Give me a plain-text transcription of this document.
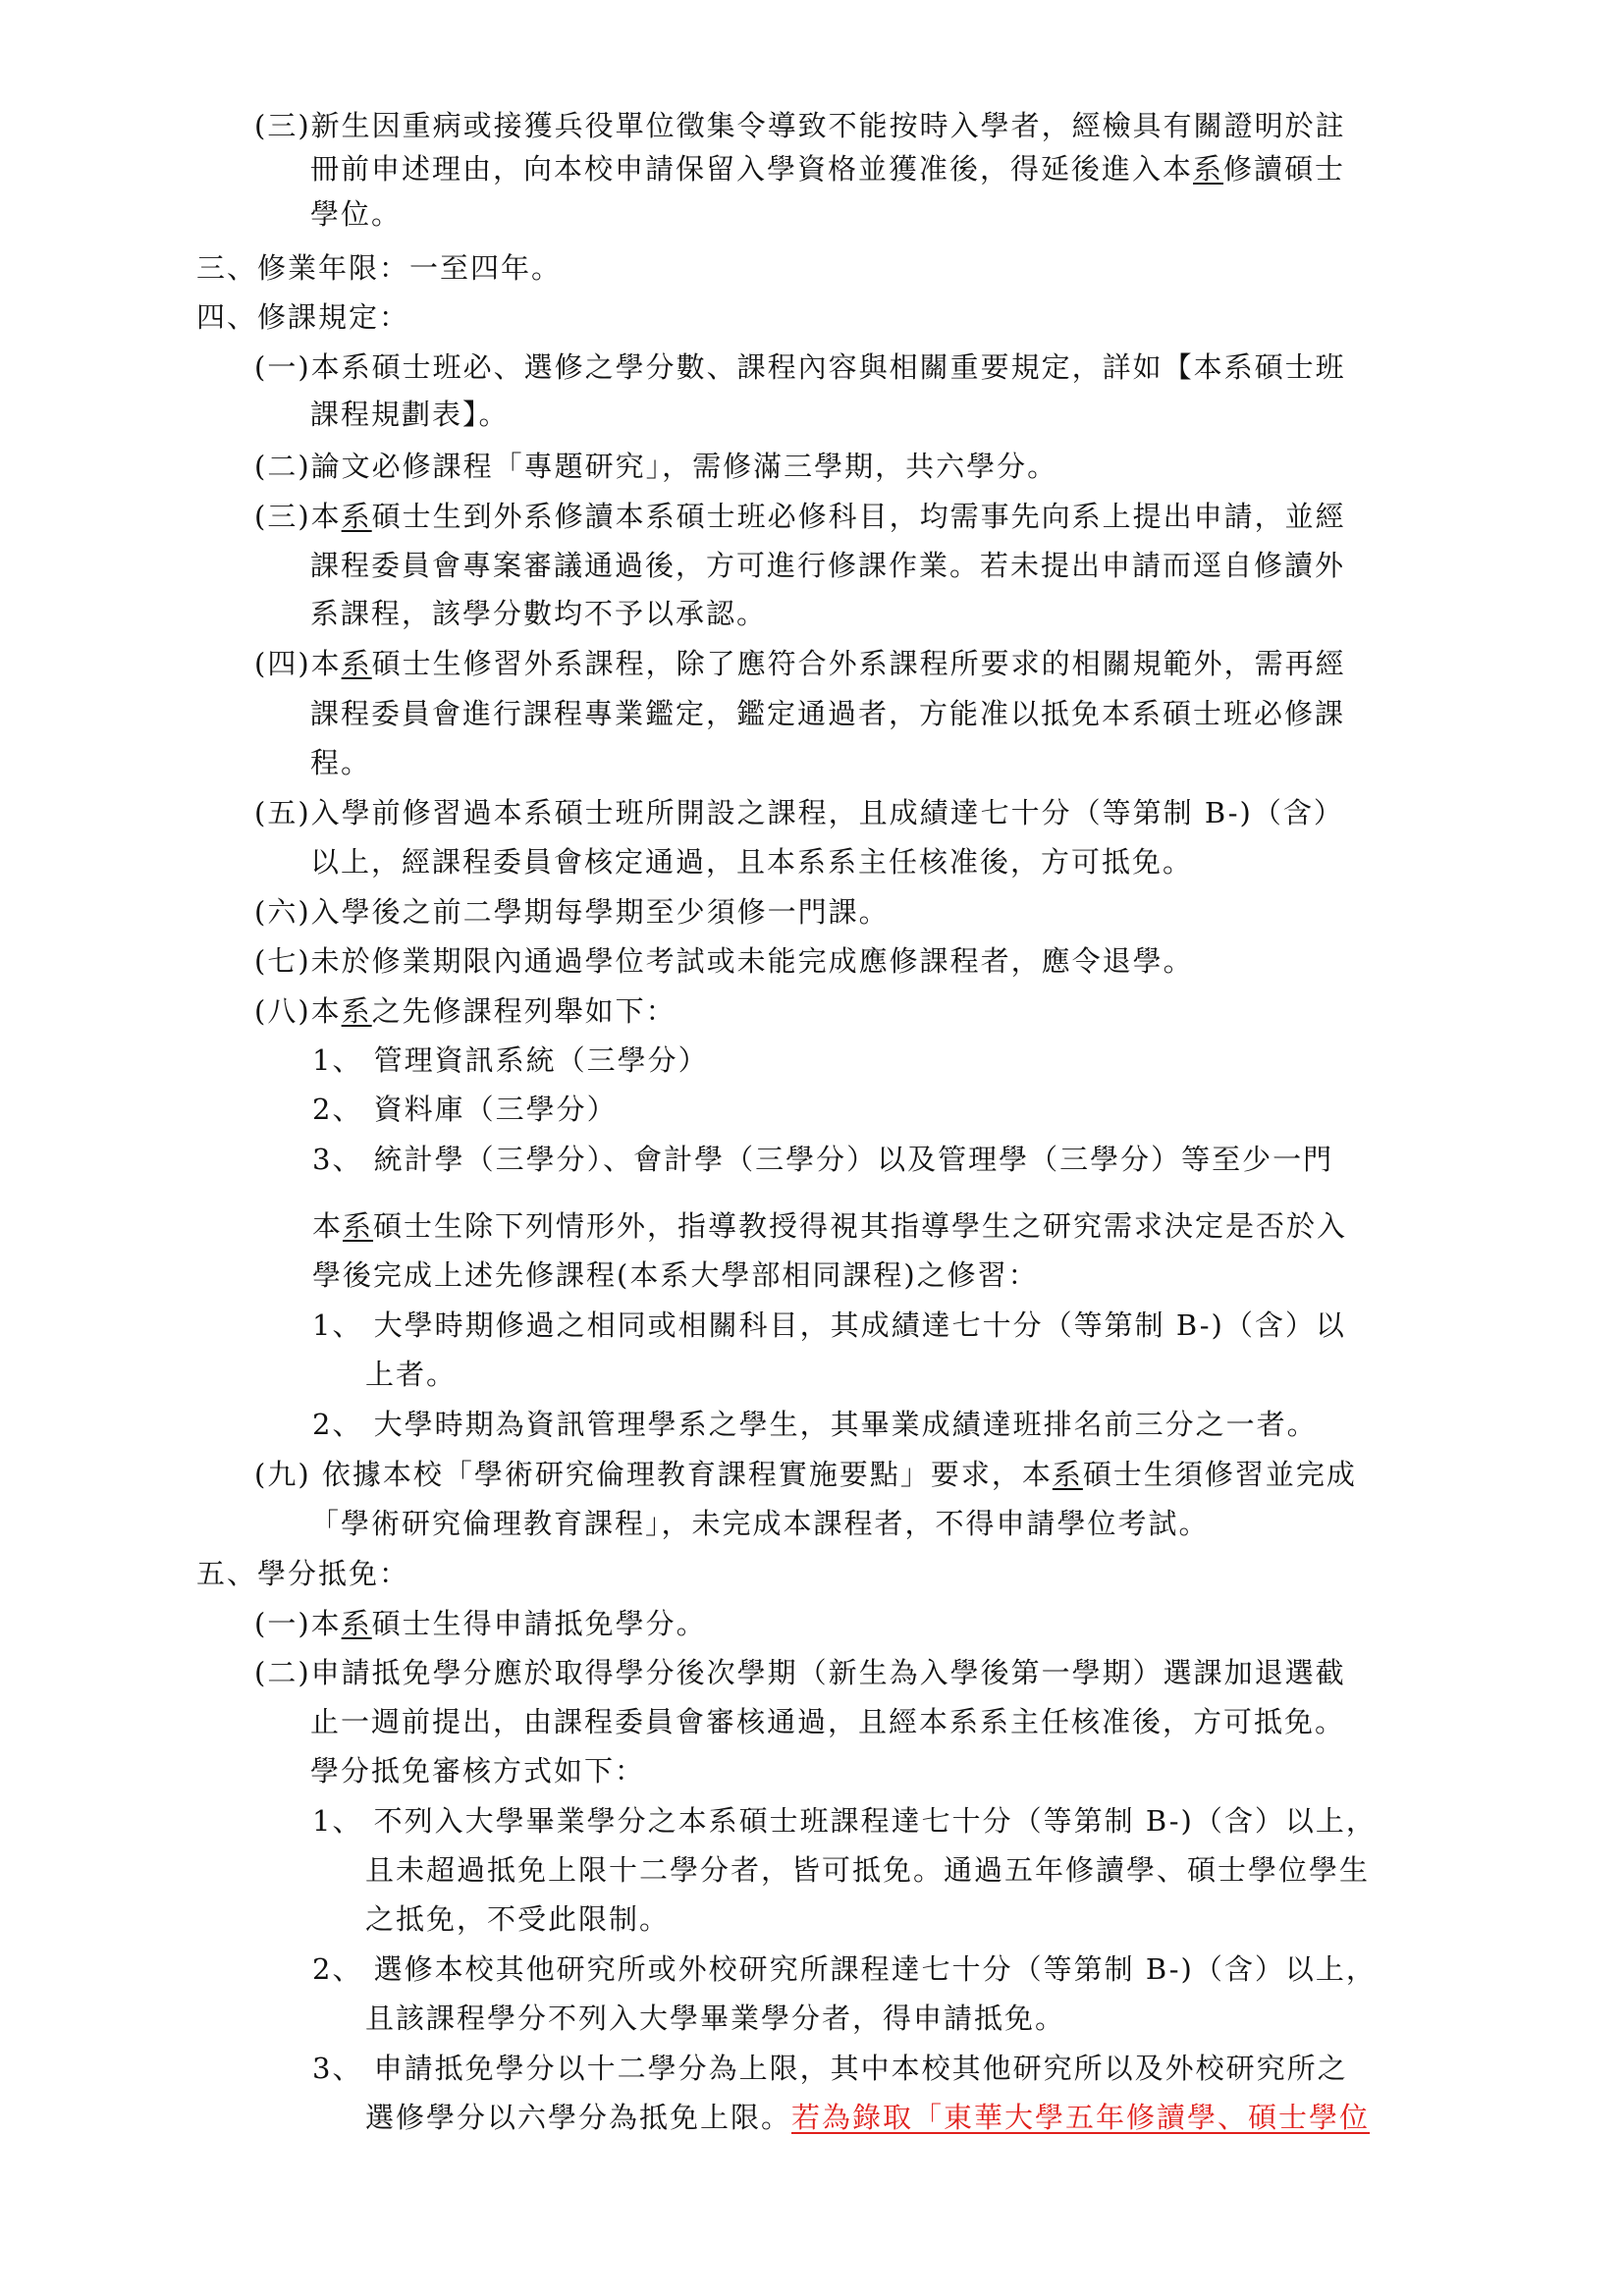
(三)新生因重病或接獲兵役單位徵集令導致不能按時入學者，經檢具有關證明於註
冊前申述理由，向本校申請保留入學資格並獲准後，得延後進入本系修讀碩士
學位。
三、修業年限：一至四年。
四、修課規定：
(一)本系碩士班必、選修之學分數、課程內容與相關重要規定，詳如【本系碩士班
課程規劃表】。
(二)論文必修課程「專題研究」，需修滿三學期，共六學分。
(三)本系碩士生到外系修讀本系碩士班必修科目，均需事先向系上提出申請，並經
課程委員會專案審議通過後，方可進行修課作業。若未提出申請而逕自修讀外
系課程，該學分數均不予以承認。
(四)本系碩士生修習外系課程，除了應符合外系課程所要求的相關規範外，需再經
課程委員會進行課程專業鑑定，鑑定通過者，方能准以抵免本系碩士班必修課
程。
(五)入學前修習過本系碩士班所開設之課程，且成績達七十分（等第制 B-)（含）
以上，經課程委員會核定通過，且本系系主任核准後，方可抵免。
(六)入學後之前二學期每學期至少須修一門課。
(七)未於修業期限內通過學位考試或未能完成應修課程者，應令退學。
(八)本系之先修課程列舉如下：
1、 管理資訊系統（三學分）
2、 資料庫（三學分）
3、 統計學（三學分）、會計學（三學分）以及管理學（三學分）等至少一門
本系碩士生除下列情形外，指導教授得視其指導學生之研究需求決定是否於入
學後完成上述先修課程(本系大學部相同課程)之修習：
1、 大學時期修過之相同或相關科目，其成績達七十分（等第制 B-)（含）以
上者。
2、 大學時期為資訊管理學系之學生，其畢業成績達班排名前三分之一者。
(九) 依據本校「學術研究倫理教育課程實施要點」要求，本系碩士生須修習並完成
「學術研究倫理教育課程」，未完成本課程者，不得申請學位考試。
五、學分抵免：
(一)本系碩士生得申請抵免學分。
(二)申請抵免學分應於取得學分後次學期（新生為入學後第一學期）選課加退選截
止一週前提出，由課程委員會審核通過，且經本系系主任核准後，方可抵免。
學分抵免審核方式如下：
1、 不列入大學畢業學分之本系碩士班課程達七十分（等第制 B-)（含）以上，
且未超過抵免上限十二學分者，皆可抵免。通過五年修讀學、碩士學位學生
之抵免，不受此限制。
2、 選修本校其他研究所或外校研究所課程達七十分（等第制 B-)（含）以上，
且該課程學分不列入大學畢業學分者，得申請抵免。
3、 申請抵免學分以十二學分為上限，其中本校其他研究所以及外校研究所之
選修學分以六學分為抵免上限。若為錄取「東華大學五年修讀學、碩士學位
